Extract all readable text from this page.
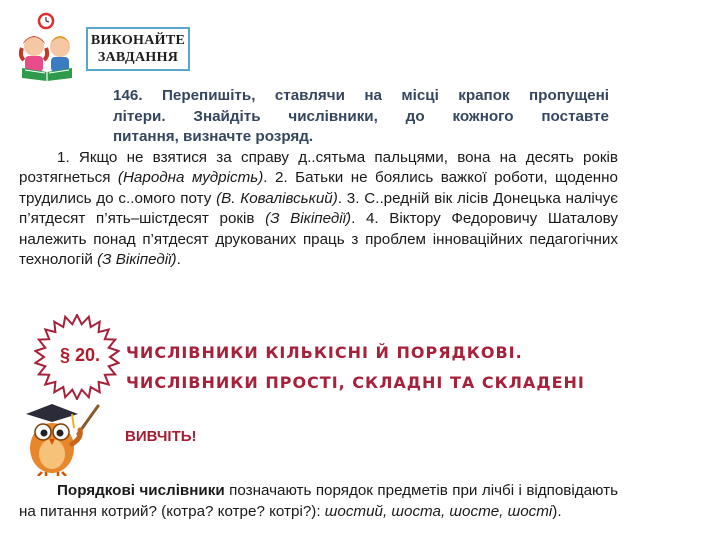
ВИКОНАЙТЕ
ЗАВДАННЯ
146. Перепишіть, ставлячи на місці крапок пропущені
літери. Знайдіть числівники, до кожного поставте
питання, визначте розряд.

1. Якщо не взятися за справу д..сятьма пальцями, вона на десять років розтягнеться (Народна мудрість). 2. Батьки не боялись важкої роботи, щоденно трудились до с..омого поту (В. Ковалівський). 3. С..редній вік лісів Донецька налічує п’ятдесят п’ять–шістдесят років (З Вікіпедії). 4. Віктору Федоровичу Шаталову належить понад п’ятдесят друкованих праць з проблем інноваційних педагогічних технологій (З Вікіпедії).

§ 20.	ЧИСЛІВНИКИ КІЛЬКІСНІ Й ПОРЯДКОВІ.
ЧИСЛІВНИКИ ПРОСТІ, СКЛАДНІ ТА СКЛАДЕНІ
ВИВЧІТЬ!

Порядкові числівники позначають порядок предметів при лічбі і відповідають на питання котрий? (котра? котре? котрі?): шостий, шоста, шосте, шості).
